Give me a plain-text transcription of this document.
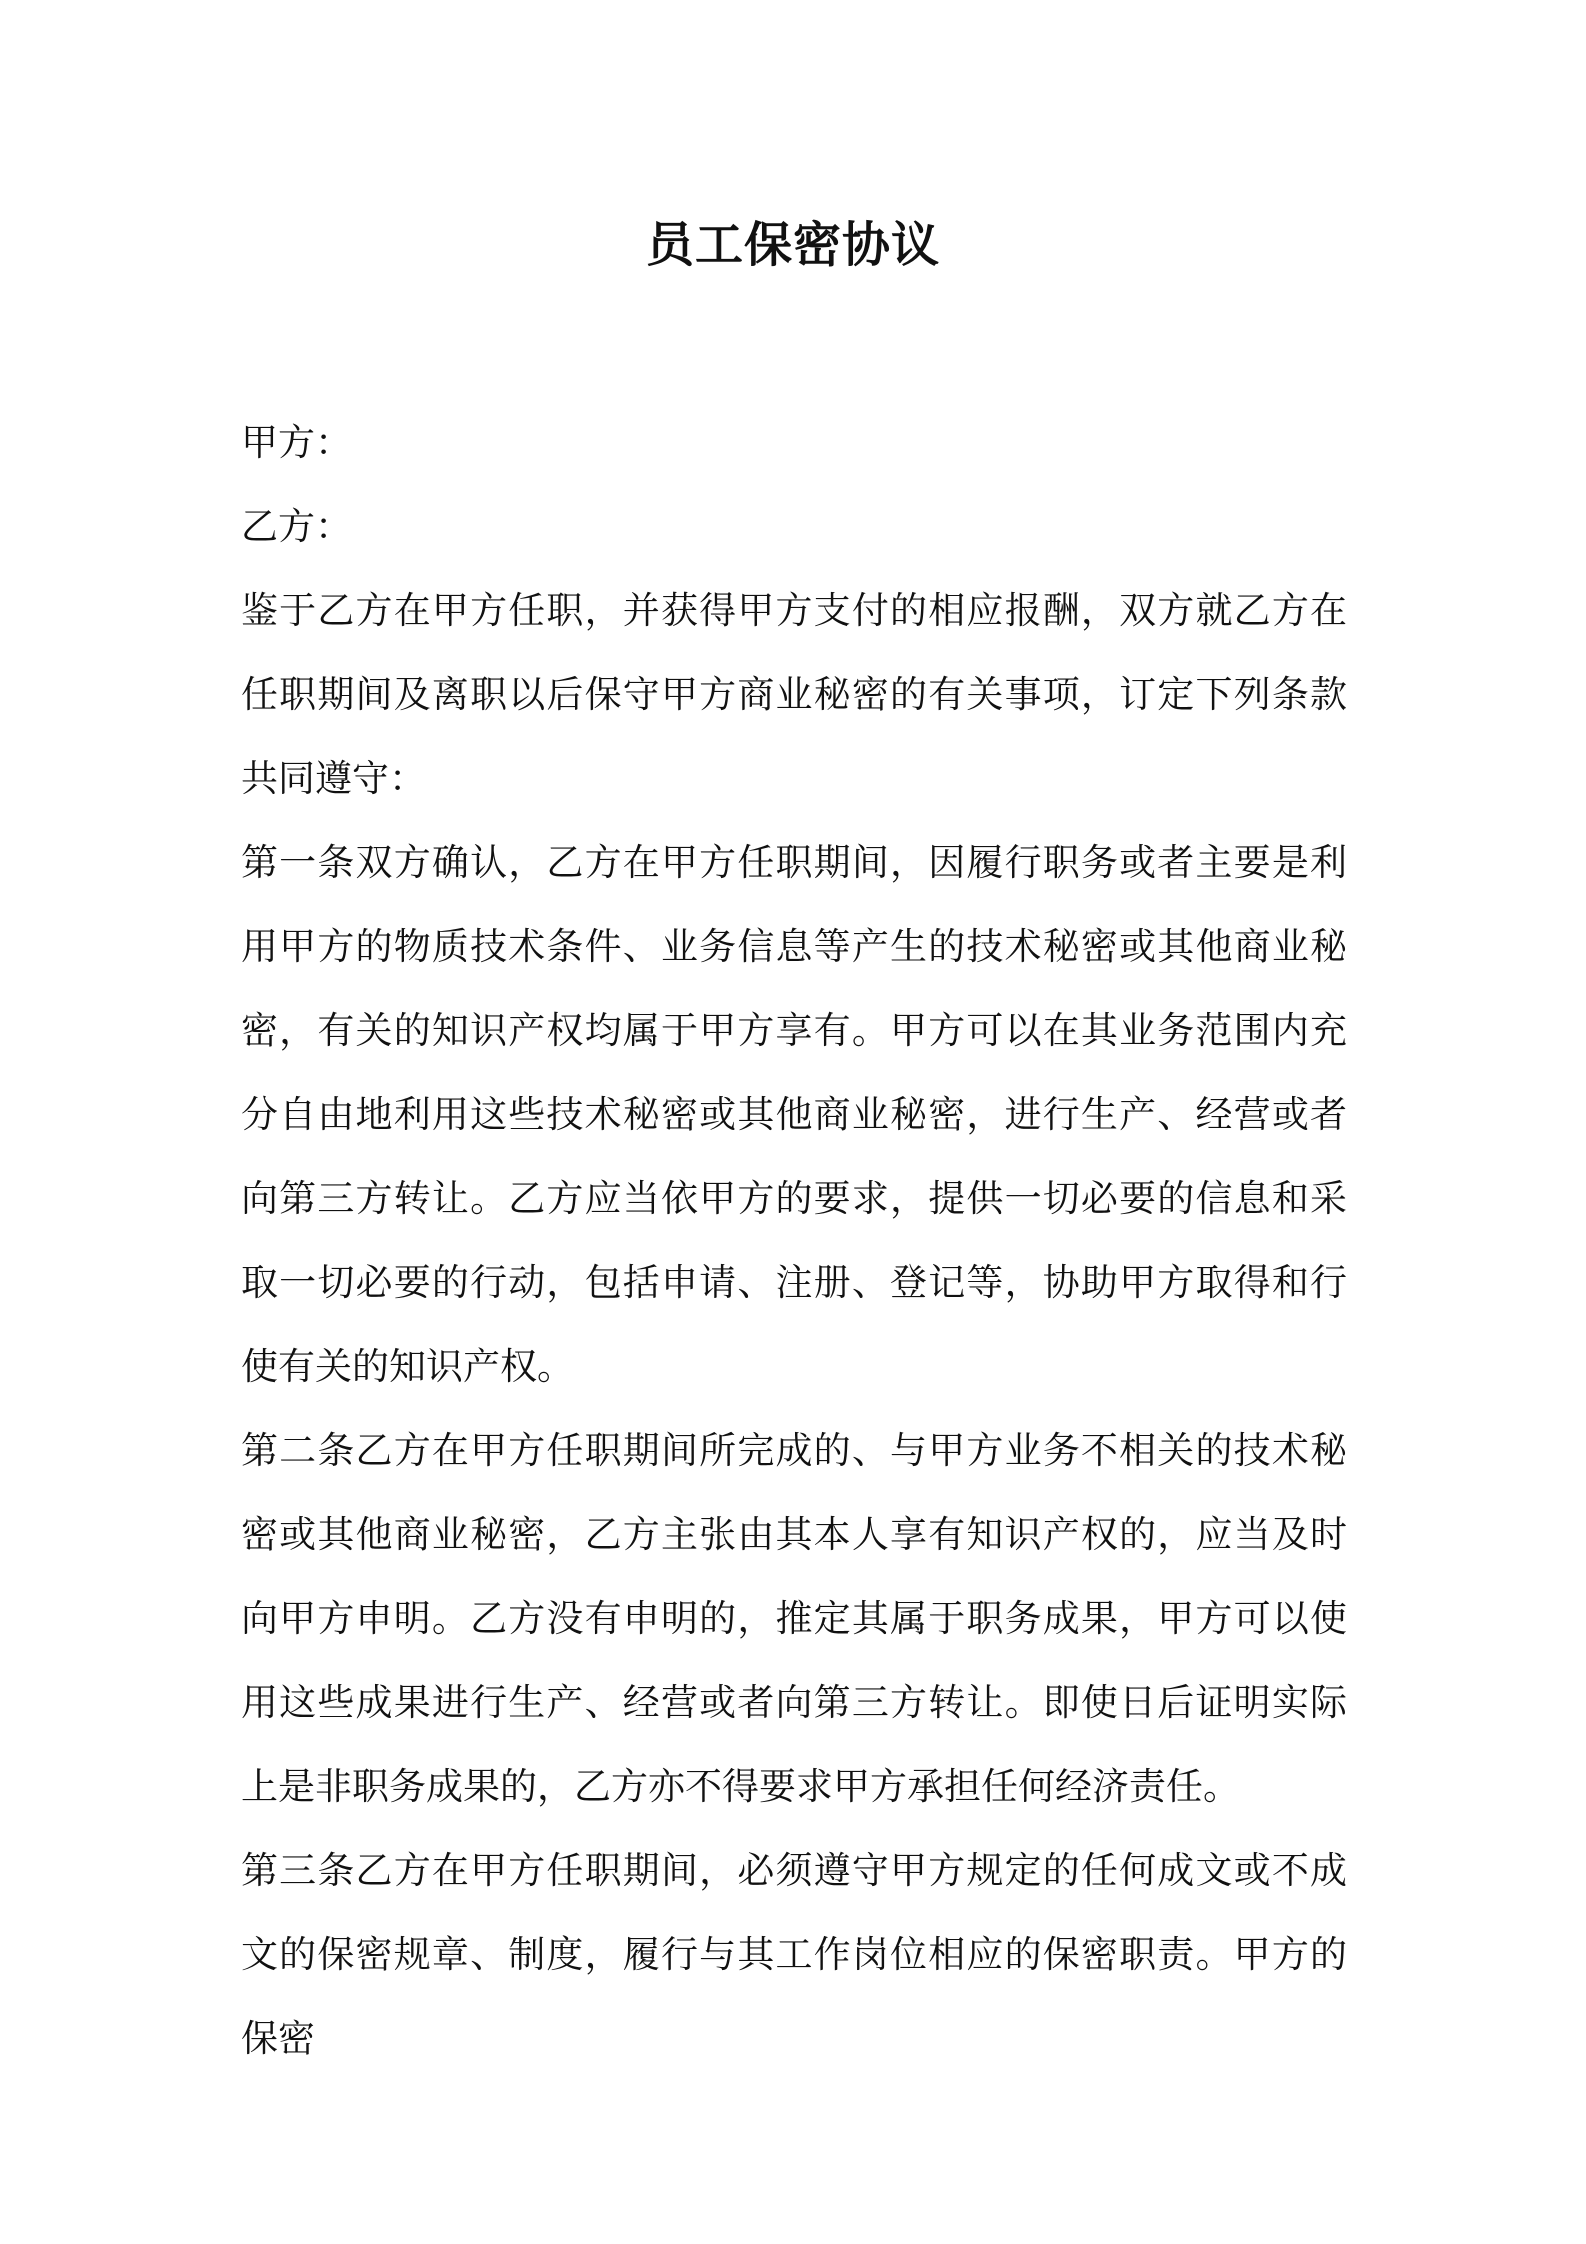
员工保密协议

甲方：

乙方：

鉴于乙方在甲方任职，并获得甲方支付的相应报酬，双方就乙方在任职期间及离职以后保守甲方商业秘密的有关事项，订定下列条款共同遵守：

第一条双方确认，乙方在甲方任职期间，因履行职务或者主要是利用甲方的物质技术条件、业务信息等产生的技术秘密或其他商业秘密，有关的知识产权均属于甲方享有。甲方可以在其业务范围内充分自由地利用这些技术秘密或其他商业秘密，进行生产、经营或者向第三方转让。乙方应当依甲方的要求，提供一切必要的信息和采取一切必要的行动，包括申请、注册、登记等，协助甲方取得和行使有关的知识产权。

第二条乙方在甲方任职期间所完成的、与甲方业务不相关的技术秘密或其他商业秘密，乙方主张由其本人享有知识产权的，应当及时向甲方申明。乙方没有申明的，推定其属于职务成果，甲方可以使用这些成果进行生产、经营或者向第三方转让。即使日后证明实际上是非职务成果的，乙方亦不得要求甲方承担任何经济责任。

第三条乙方在甲方任职期间，必须遵守甲方规定的任何成文或不成文的保密规章、制度，履行与其工作岗位相应的保密职责。甲方的保密
